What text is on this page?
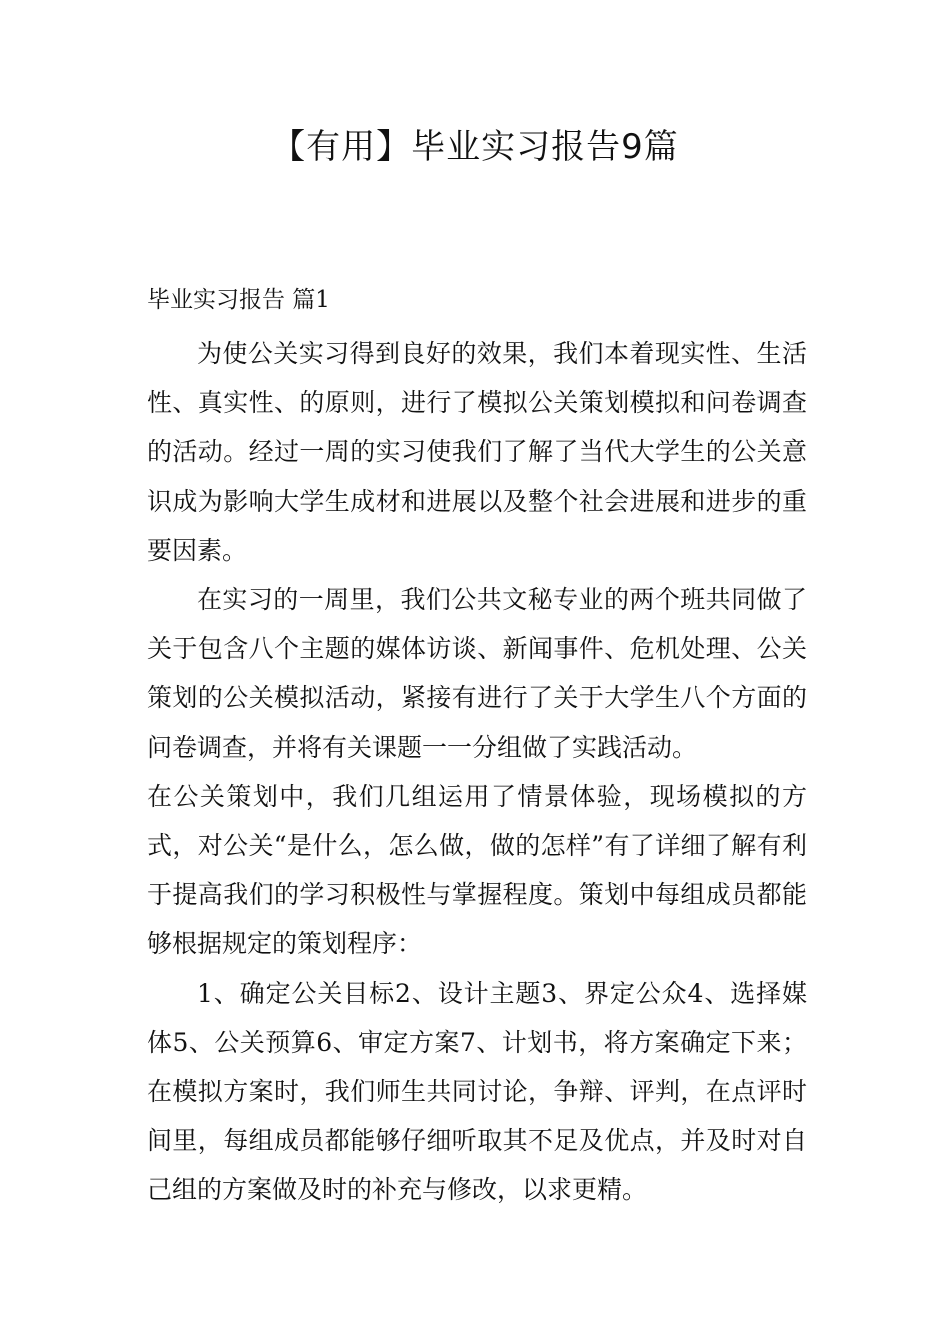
【有用】毕业实习报告9篇
毕业实习报告 篇1

为使公关实习得到良好的效果，我们本着现实性、生活性、真实性、的原则，进行了模拟公关策划模拟和问卷调查的活动。经过一周的实习使我们了解了当代大学生的公关意识成为影响大学生成材和进展以及整个社会进展和进步的重要因素。

在实习的一周里，我们公共文秘专业的两个班共同做了关于包含八个主题的媒体访谈、新闻事件、危机处理、公关策划的公关模拟活动，紧接有进行了关于大学生八个方面的问卷调查，并将有关课题一一分组做了实践活动。

在公关策划中，我们几组运用了情景体验，现场模拟的方式，对公关“是什么，怎么做，做的怎样”有了详细了解有利于提高我们的学习积极性与掌握程度。策划中每组成员都能够根据规定的策划程序：

1、确定公关目标2、设计主题3、界定公众4、选择媒体5、公关预算6、审定方案7、计划书，将方案确定下来；在模拟方案时，我们师生共同讨论，争辩、评判，在点评时间里，每组成员都能够仔细听取其不足及优点，并及时对自己组的方案做及时的补充与修改，以求更精。
